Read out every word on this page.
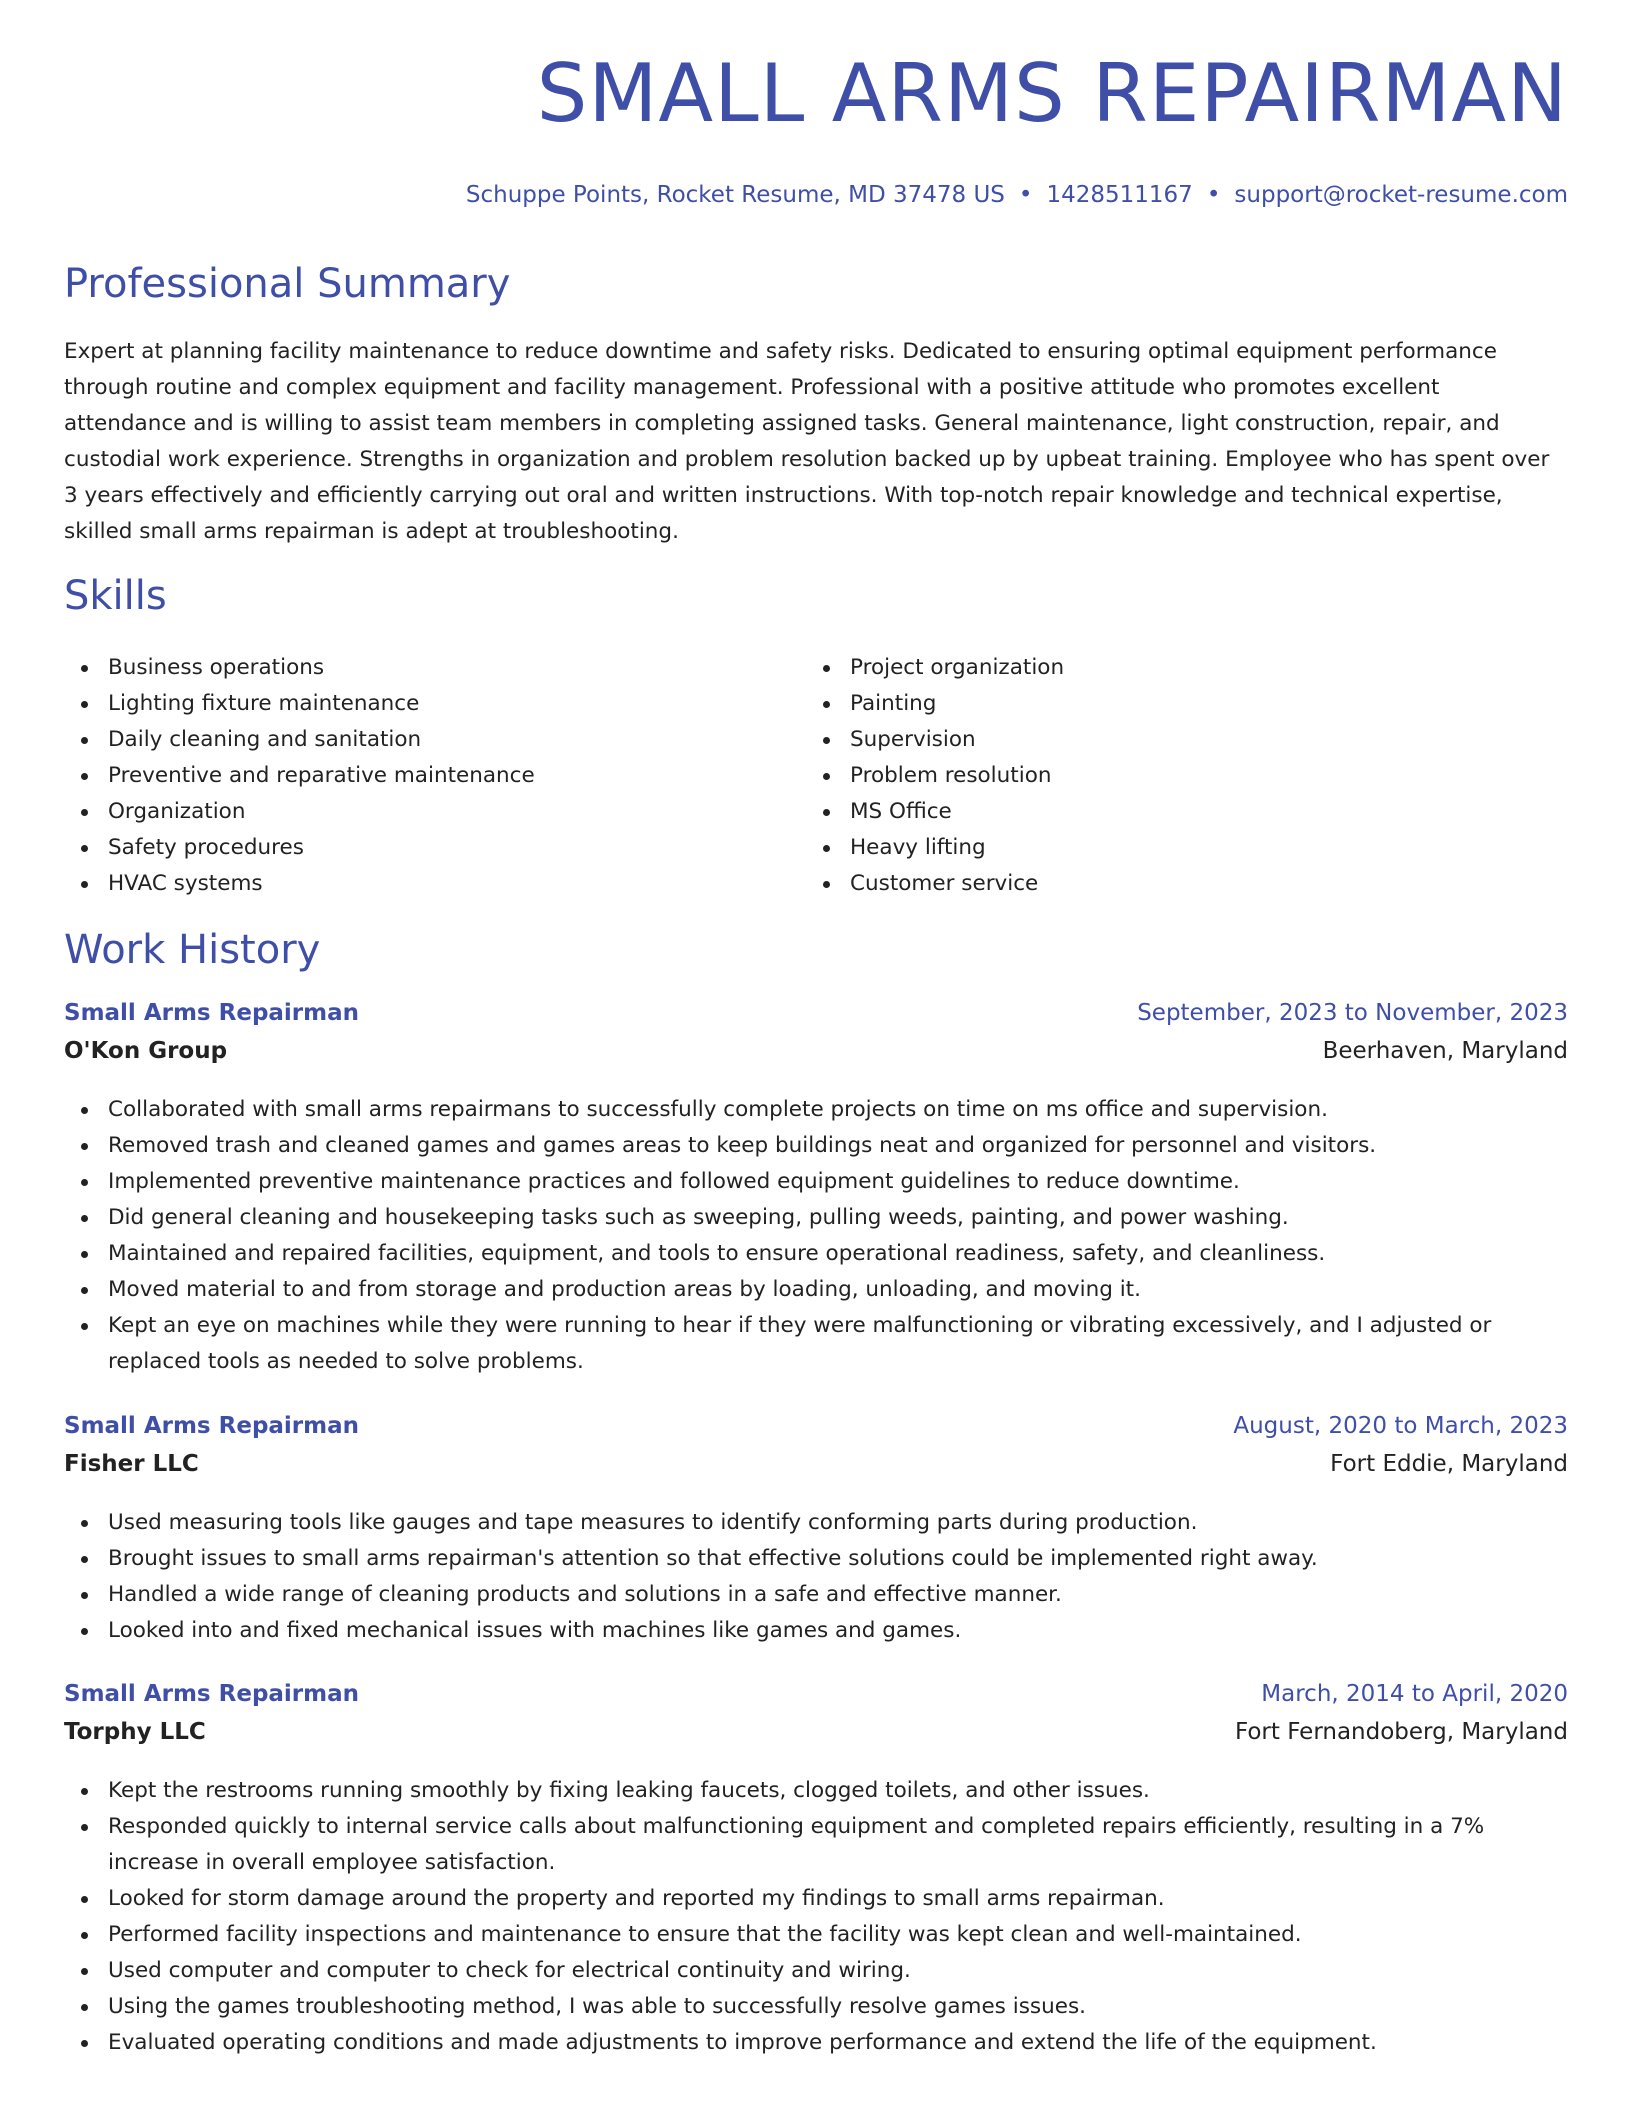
SMALL ARMS REPAIRMAN
Schuppe Points, Rocket Resume, MD 37478 US • 1428511167 • support@rocket-resume.com
Professional Summary

Expert at planning facility maintenance to reduce downtime and safety risks. Dedicated to ensuring optimal equipment performance through routine and complex equipment and facility management. Professional with a positive attitude who promotes excellent attendance and is willing to assist team members in completing assigned tasks. General maintenance, light construction, repair, and custodial work experience. Strengths in organization and problem resolution backed up by upbeat training. Employee who has spent over 3 years effectively and efficiently carrying out oral and written instructions. With top-notch repair knowledge and technical expertise, skilled small arms repairman is adept at troubleshooting.

Skills
Business operations
Lighting fixture maintenance
Daily cleaning and sanitation
Preventive and reparative maintenance
Organization
Safety procedures
HVAC systems
Project organization
Painting
Supervision
Problem resolution
MS Office
Heavy lifting
Customer service
Work History
Small Arms Repairman	September, 2023 to November, 2023
O'Kon Group	Beerhaven, Maryland
Collaborated with small arms repairmans to successfully complete projects on time on ms office and supervision.
Removed trash and cleaned games and games areas to keep buildings neat and organized for personnel and visitors.
Implemented preventive maintenance practices and followed equipment guidelines to reduce downtime.
Did general cleaning and housekeeping tasks such as sweeping, pulling weeds, painting, and power washing.
Maintained and repaired facilities, equipment, and tools to ensure operational readiness, safety, and cleanliness.
Moved material to and from storage and production areas by loading, unloading, and moving it.
Kept an eye on machines while they were running to hear if they were malfunctioning or vibrating excessively, and I adjusted or replaced tools as needed to solve problems.
Small Arms Repairman	August, 2020 to March, 2023
Fisher LLC	Fort Eddie, Maryland
Used measuring tools like gauges and tape measures to identify conforming parts during production.
Brought issues to small arms repairman's attention so that effective solutions could be implemented right away.
Handled a wide range of cleaning products and solutions in a safe and effective manner.
Looked into and fixed mechanical issues with machines like games and games.
Small Arms Repairman	March, 2014 to April, 2020
Torphy LLC	Fort Fernandoberg, Maryland
Kept the restrooms running smoothly by fixing leaking faucets, clogged toilets, and other issues.
Responded quickly to internal service calls about malfunctioning equipment and completed repairs efficiently, resulting in a 7% increase in overall employee satisfaction.
Looked for storm damage around the property and reported my findings to small arms repairman.
Performed facility inspections and maintenance to ensure that the facility was kept clean and well-maintained.
Used computer and computer to check for electrical continuity and wiring.
Using the games troubleshooting method, I was able to successfully resolve games issues.
Evaluated operating conditions and made adjustments to improve performance and extend the life of the equipment.
